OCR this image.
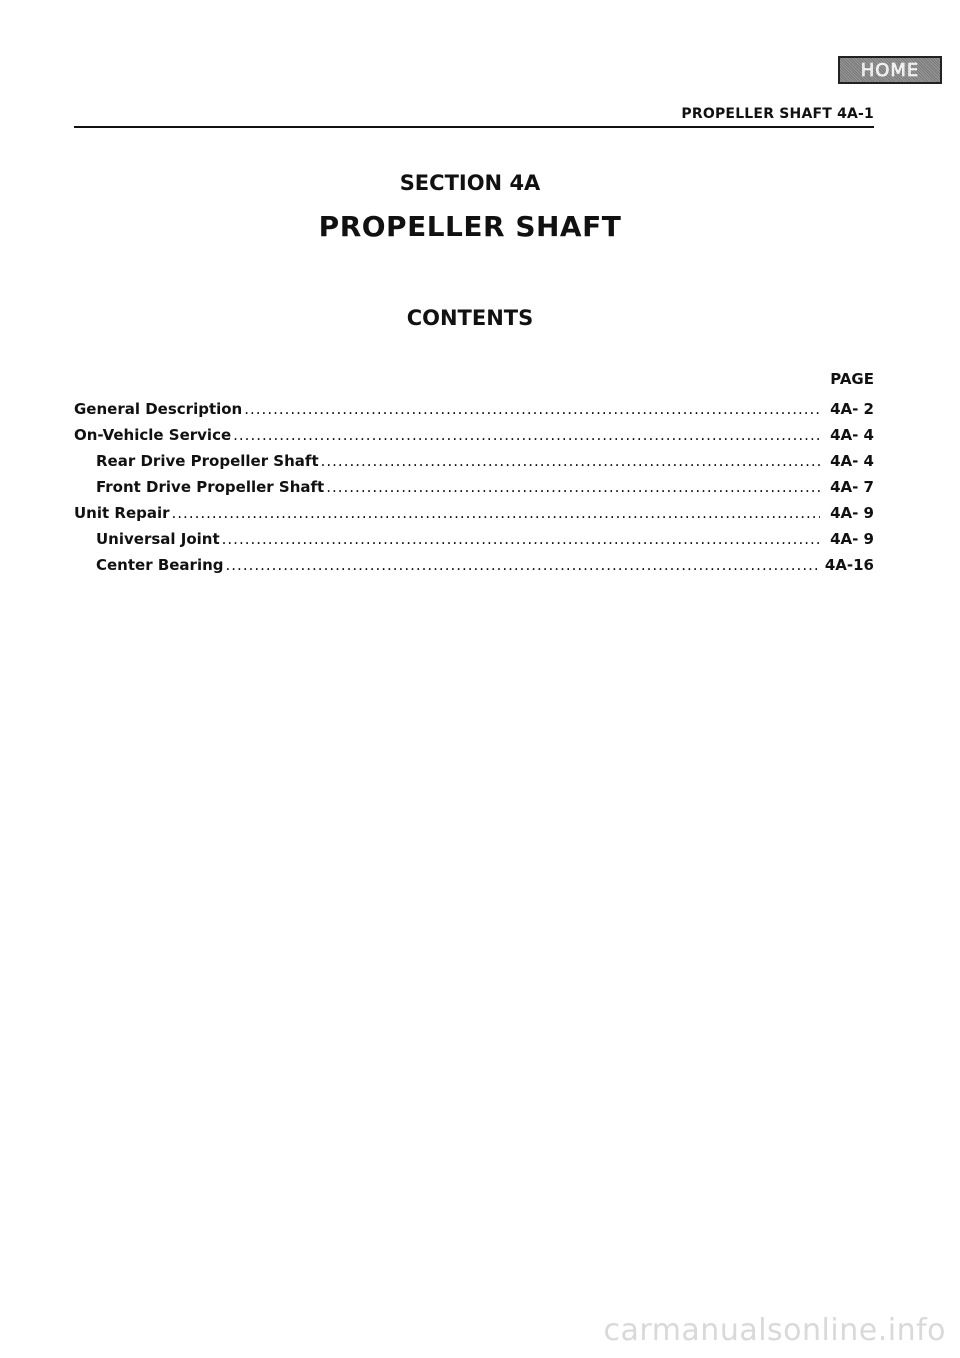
HOME
PROPELLER SHAFT 4A-1
SECTION 4A
PROPELLER SHAFT
CONTENTS
PAGE
General Description .....	4A- 2
On-Vehicle Service .....	4A- 4
Rear Drive Propeller Shaft .....	4A- 4
Front Drive Propeller Shaft .....	4A- 7
Unit Repair .....	4A- 9
Universal Joint .....	4A- 9
Center Bearing .....	4A-16
carmanualsonline.info
